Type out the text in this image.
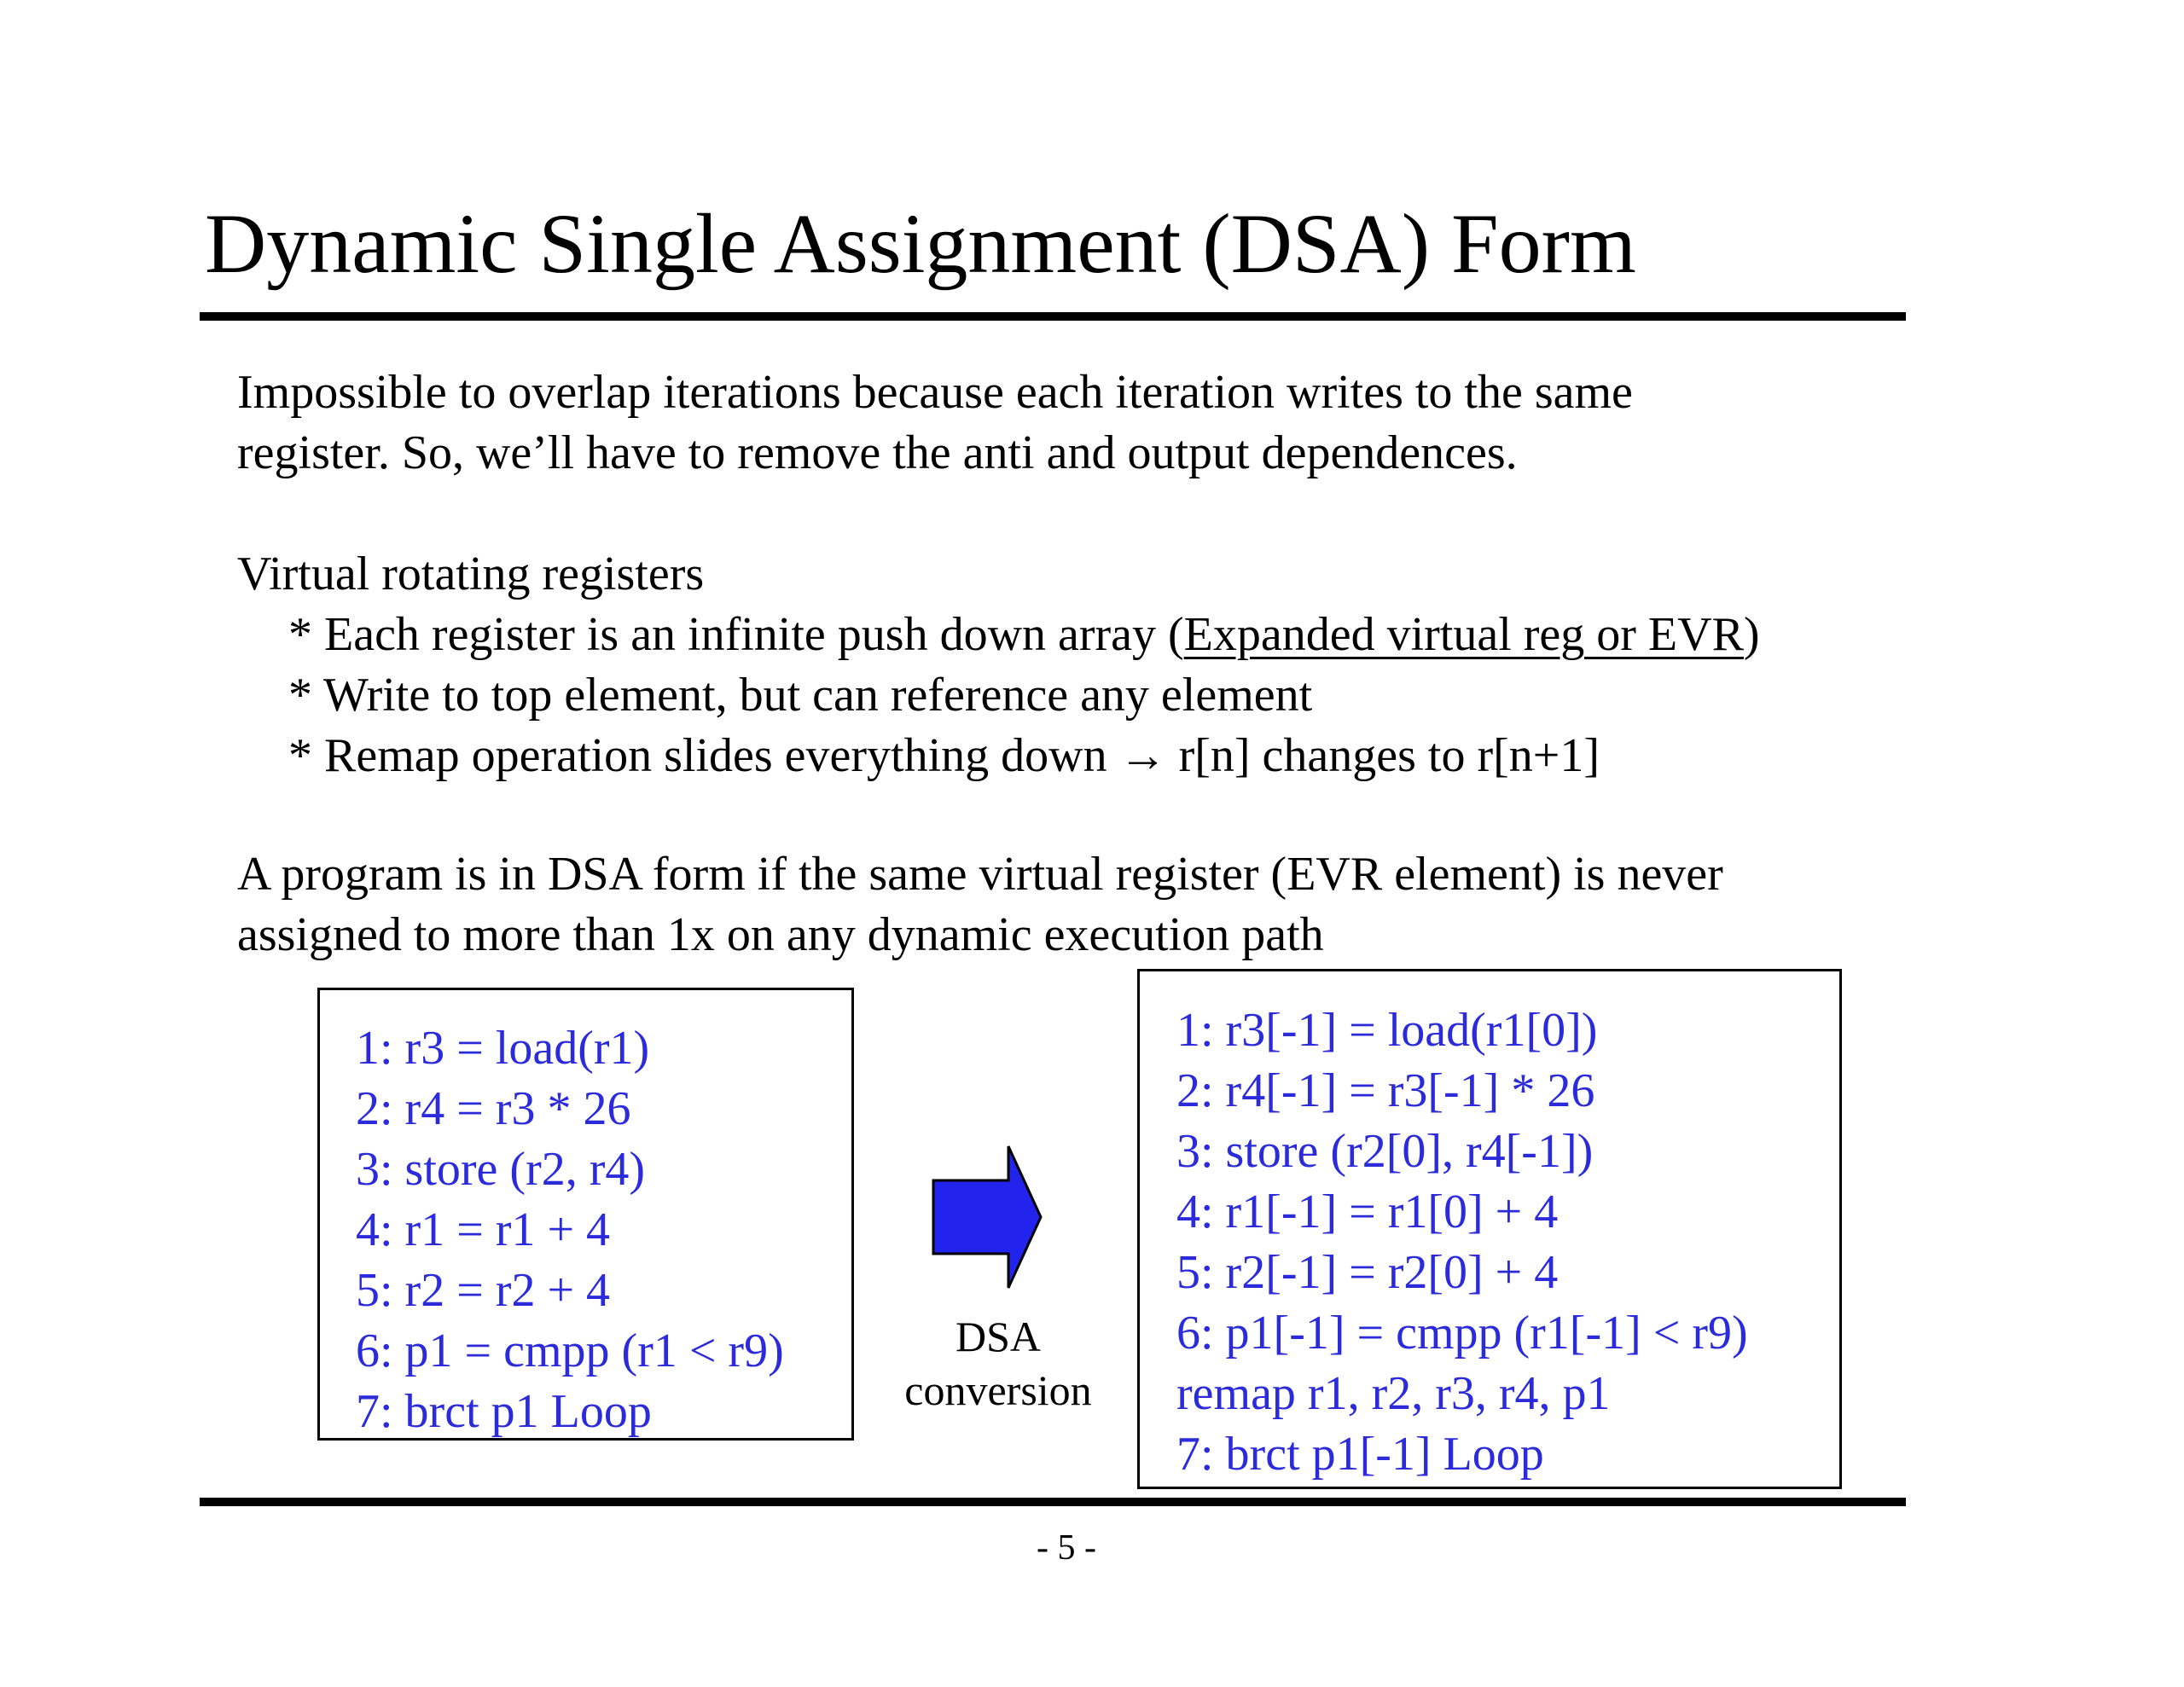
Dynamic Single Assignment (DSA) Form
Impossible to overlap iterations because each iteration writes to the same
register. So, we’ll have to remove the anti and output dependences.
Virtual rotating registers
* Each register is an infinite push down array (Expanded virtual reg or EVR)
* Write to top element, but can reference any element
* Remap operation slides everything down → r[n] changes to r[n+1]
A program is in DSA form if the same virtual register (EVR element) is never
assigned to more than 1x on any dynamic execution path
1: r3 = load(r1)
2: r4 = r3 * 26
3: store (r2, r4)
4: r1 = r1 + 4
5: r2 = r2 + 4
6: p1 = cmpp (r1 < r9)
7: brct p1 Loop
DSA
conversion
1: r3[-1] = load(r1[0])
2: r4[-1] = r3[-1] * 26
3: store (r2[0], r4[-1])
4: r1[-1] = r1[0] + 4
5: r2[-1] = r2[0] + 4
6: p1[-1] = cmpp (r1[-1] < r9)
remap r1, r2, r3, r4, p1
7: brct p1[-1] Loop
- 5 -
